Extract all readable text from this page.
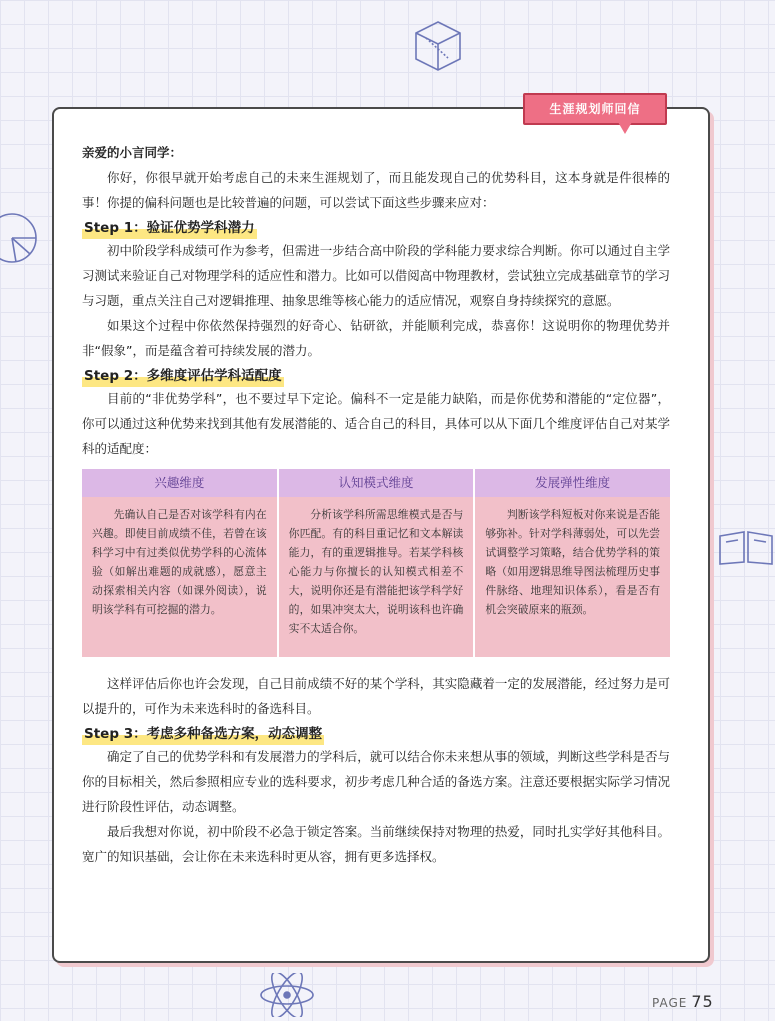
生涯规划师回信

亲爱的小言同学：

你好，你很早就开始考虑自己的未来生涯规划了，而且能发现自己的优势科目，这本身就是件很棒的事！你提的偏科问题也是比较普遍的问题，可以尝试下面这些步骤来应对：

Step 1：验证优势学科潜力

初中阶段学科成绩可作为参考，但需进一步结合高中阶段的学科能力要求综合判断。你可以通过自主学习测试来验证自己对物理学科的适应性和潜力。比如可以借阅高中物理教材，尝试独立完成基础章节的学习与习题，重点关注自己对逻辑推理、抽象思维等核心能力的适应情况，观察自身持续探究的意愿。

如果这个过程中你依然保持强烈的好奇心、钻研欲，并能顺利完成，恭喜你！这说明你的物理优势并非“假象”，而是蕴含着可持续发展的潜力。

Step 2：多维度评估学科适配度

目前的“非优势学科”，也不要过早下定论。偏科不一定是能力缺陷，而是你优势和潜能的“定位器”，你可以通过这种优势来找到其他有发展潜能的、适合自己的科目，具体可以从下面几个维度评估自己对某学科的适配度：

兴趣维度
先确认自己是否对该学科有内在兴趣。即使目前成绩不佳，若曾在该科学习中有过类似优势学科的心流体验（如解出难题的成就感），愿意主动探索相关内容（如课外阅读），说明该学科有可挖掘的潜力。
认知模式维度
分析该学科所需思维模式是否与你匹配。有的科目重记忆和文本解读能力，有的重逻辑推导。若某学科核心能力与你擅长的认知模式相差不大，说明你还是有潜能把该学科学好的，如果冲突太大，说明该科也许确实不太适合你。
发展弹性维度
判断该学科短板对你来说是否能够弥补。针对学科薄弱处，可以先尝试调整学习策略，结合优势学科的策略（如用逻辑思维导图法梳理历史事件脉络、地理知识体系），看是否有机会突破原来的瓶颈。

这样评估后你也许会发现，自己目前成绩不好的某个学科，其实隐藏着一定的发展潜能，经过努力是可以提升的，可作为未来选科时的备选科目。

Step 3：考虑多种备选方案，动态调整

确定了自己的优势学科和有发展潜力的学科后，就可以结合你未来想从事的领域，判断这些学科是否与你的目标相关，然后参照相应专业的选科要求，初步考虑几种合适的备选方案。注意还要根据实际学习情况进行阶段性评估，动态调整。

最后我想对你说，初中阶段不必急于锁定答案。当前继续保持对物理的热爱，同时扎实学好其他科目。宽广的知识基础，会让你在未来选科时更从容，拥有更多选择权。

PAGE 75
